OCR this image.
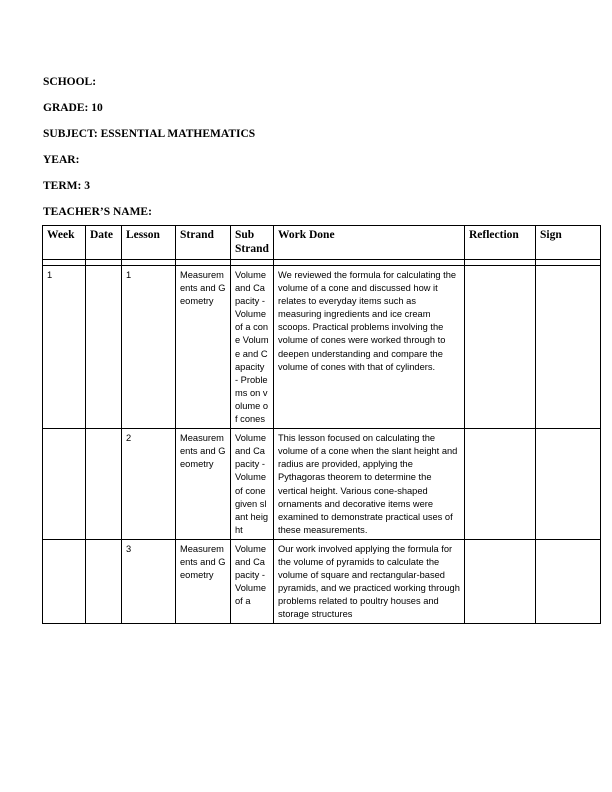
SCHOOL:
GRADE: 10
SUBJECT: ESSENTIAL MATHEMATICS
YEAR:
TERM: 3
TEACHER’S NAME:
Week	Date	Lesson	Strand	Sub Strand	Work Done	Reflection	Sign

1		1	Measurements and Geometry	Volume and Capacity - Volume of a cone Volume and Capacity - Problems on volume of cones	We reviewed the formula for calculating the volume of a cone and discussed how it relates to everyday items such as measuring ingredients and ice cream scoops. Practical problems involving the volume of cones were worked through to deepen understanding and compare the volume of cones with that of cylinders.		
		2	Measurements and Geometry	Volume and Capacity - Volume of cone given slant height	This lesson focused on calculating the volume of a cone when the slant height and radius are provided, applying the Pythagoras theorem to determine the vertical height. Various cone-shaped ornaments and decorative items were examined to demonstrate practical uses of these measurements.		
		3	Measurements and Geometry	Volume and Capacity - Volume of a	Our work involved applying the formula for the volume of pyramids to calculate the volume of square and rectangular-based pyramids, and we practiced working through problems related to poultry houses and storage structures		
